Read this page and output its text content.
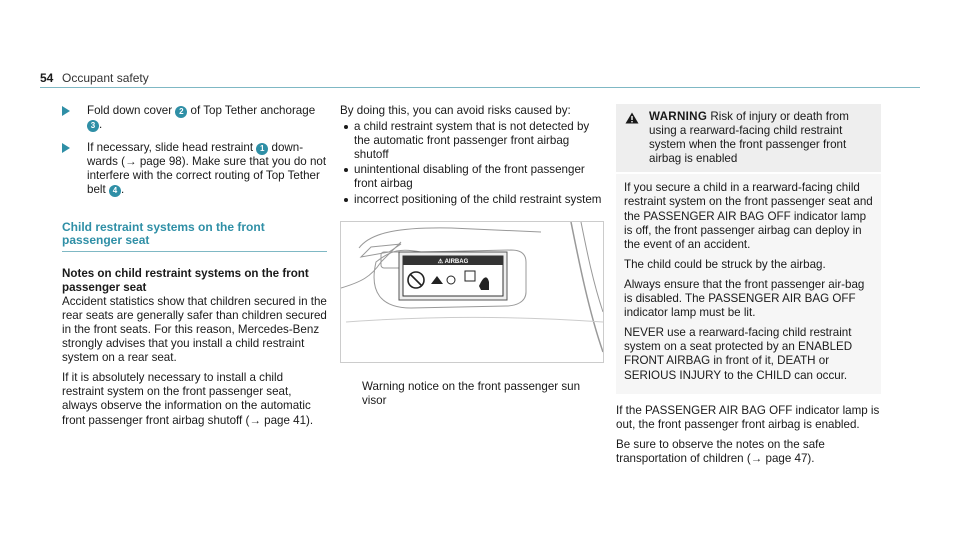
54 Occupant safety
Fold down cover 2 of Top Tether anchorage 3 .
If necessary, slide head restraint 1 down-wards (→ page 98). Make sure that you do not interfere with the correct routing of Top Tether belt 4 .
Child restraint systems on the front passenger seat
Notes on child restraint systems on the front passenger seat

Accident statistics show that children secured in the rear seats are generally safer than children secured in the front seats. For this reason, Mercedes-Benz strongly advises that you install a child restraint system on a rear seat.

If it is absolutely necessary to install a child restraint system on the front passenger seat, always observe the information on the automatic front passenger front airbag shutoff (→ page 41).

By doing this, you can avoid risks caused by:

a child restraint system that is not detected by the automatic front passenger front airbag shutoff
unintentional disabling of the front passenger front airbag
incorrect positioning of the child restraint system
⚠ AIRBAG
Warning notice on the front passenger sun visor
WARNING Risk of injury or death from using a rearward-facing child restraint system when the front passenger front airbag is enabled

If you secure a child in a rearward-facing child restraint system on the front passenger seat and the PASSENGER AIR BAG OFF indicator lamp is off, the front passenger airbag can deploy in the event of an accident.

The child could be struck by the airbag.

Always ensure that the front passenger air-bag is disabled. The PASSENGER AIR BAG OFF indicator lamp must be lit.

NEVER use a rearward-facing child restraint system on a seat protected by an ENABLED FRONT AIRBAG in front of it, DEATH or SERIOUS INJURY to the CHILD can occur.

If the PASSENGER AIR BAG OFF indicator lamp is out, the front passenger front airbag is enabled.

Be sure to observe the notes on the safe transportation of children (→ page 47).
